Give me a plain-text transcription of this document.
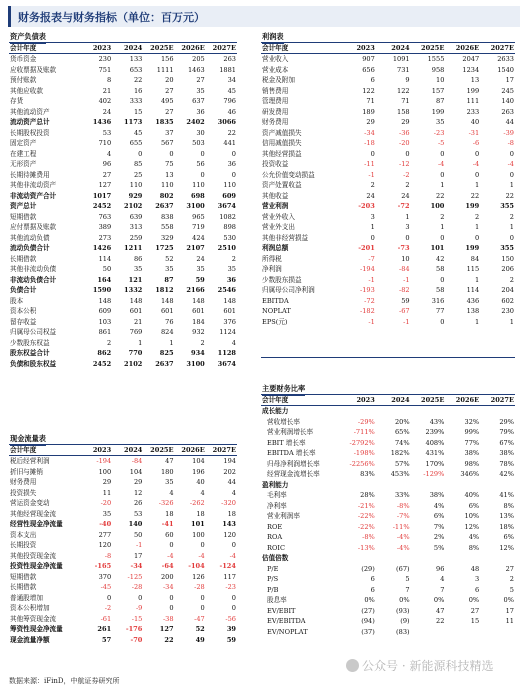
财务报表与财务指标（单位：百万元）
资产负债表
会计年度	2023	2024	2025E	2026E	2027E
货币资金	230	133	156	205	263
应收票据及账款	751	653	1111	1463	1881
预付账款	8	22	20	27	34
其他应收款	21	16	27	35	45
存货	402	333	495	637	796
其他流动资产	24	15	27	36	46
流动资产总计	1436	1173	1835	2402	3066
长期股权投资	53	45	37	30	22
固定资产	710	655	567	503	441
在建工程	4	0	0	0	0
无形资产	96	85	75	56	36
长期待摊费用	27	25	13	0	0
其他非流动资产	127	110	110	110	110
非流动资产合计	1017	929	802	698	609
资产总计	2452	2102	2637	3100	3674
短期借款	763	639	838	965	1082
应付票据及账款	389	313	558	719	898
其他流动负债	273	259	329	424	530
流动负债合计	1426	1211	1725	2107	2510
长期借款	114	86	52	24	2
其他非流动负债	50	35	35	35	35
非流动负债合计	164	121	87	59	36
负债合计	1590	1332	1812	2166	2546
股本	148	148	148	148	148
资本公积	609	601	601	601	601
留存收益	103	21	76	184	376
归属母公司权益	861	769	824	932	1124
少数股东权益	2	1	1	2	4
股东权益合计	862	770	825	934	1128
负债和股东权益	2452	2102	2637	3100	3674
利润表
会计年度	2023	2024	2025E	2026E	2027E
营业收入	907	1091	1555	2047	2633
营业成本	656	731	958	1234	1540
税金及附加	6	9	10	13	17
销售费用	122	122	157	199	245
管理费用	71	71	87	111	140
研发费用	189	158	199	233	263
财务费用	29	29	35	40	44
资产减值损失	-34	-36	-23	-31	-39
信用减值损失	-18	-20	-5	-6	-8
其他经营损益	0	0	0	0	0
投资收益	-11	-12	-4	-4	-4
公允价值变动损益	-1	-2	0	0	0
资产处置收益	2	2	1	1	1
其他收益	24	24	22	22	22
营业利润	-203	-72	100	199	355
营业外收入	3	1	2	2	2
营业外支出	1	3	1	1	1
其他非经营损益	0	0	0	0	0
利润总额	-201	-73	101	199	355
所得税	-7	10	42	84	150
净利润	-194	-84	58	115	206
少数股东损益	-1	-1	0	1	2
归属母公司净利润	-193	-82	58	114	204
EBITDA	-72	59	316	436	602
NOPLAT	-182	-67	77	138	230
EPS(元)	-1	-1	0	1	1
主要财务比率
会计年度	2023	2024	2025E	2026E	2027E
成长能力					
营收增长率	-29%	20%	43%	32%	29%
营业利润增长率	-711%	65%	239%	99%	79%
EBIT 增长率	-2792%	74%	408%	77%	67%
EBITDA 增长率	-198%	182%	431%	38%	38%
归母净利润增长率	-2256%	57%	170%	98%	78%
经营现金流增长率	83%	453%	-129%	346%	42%
盈利能力					
毛利率	28%	33%	38%	40%	41%
净利率	-21%	-8%	4%	6%	8%
营业利润率	-22%	-7%	6%	10%	13%
ROE	-22%	-11%	7%	12%	18%
ROA	-8%	-4%	2%	4%	6%
ROIC	-13%	-4%	5%	8%	12%
估值倍数					
P/E	(29)	(67)	96	48	27
P/S	6	5	4	3	2
P/B	6	7	7	6	5
股息率	0%	0%	0%	0%	0%
EV/EBIT	(27)	(93)	47	27	17
EV/EBITDA	(94)	(9)	22	15	11
EV/NOPLAT	(37)	(83)			
现金流量表
会计年度	2023	2024	2025E	2026E	2027E
税后经营利润	-194	-84	47	104	194
折旧与摊销	100	104	180	196	202
财务费用	29	29	35	40	44
投资损失	11	12	4	4	4
营运资金变动	-20	26	-326	-262	-320
其他经营现金流	35	53	18	18	18
经营性现金净流量	-40	140	-41	101	143
资本支出	277	50	60	100	120
长期投资	120	-1	0	0	0
其他投资现金流	-8	17	-4	-4	-4
投资性现金净流量	-165	-34	-64	-104	-124
短期借款	370	-125	200	126	117
长期借款	-45	-28	-34	-28	-23
普通股增加	0	0	0	0	0
资本公积增加	-2	-9	0	0	0
其他筹资现金流	-61	-15	-38	-47	-56
筹资性现金净流量	261	-176	127	52	39
现金流量净额	57	-70	22	49	59
数据来源：iFinD，中航证券研究所
公众号 · 新能源科技精选
